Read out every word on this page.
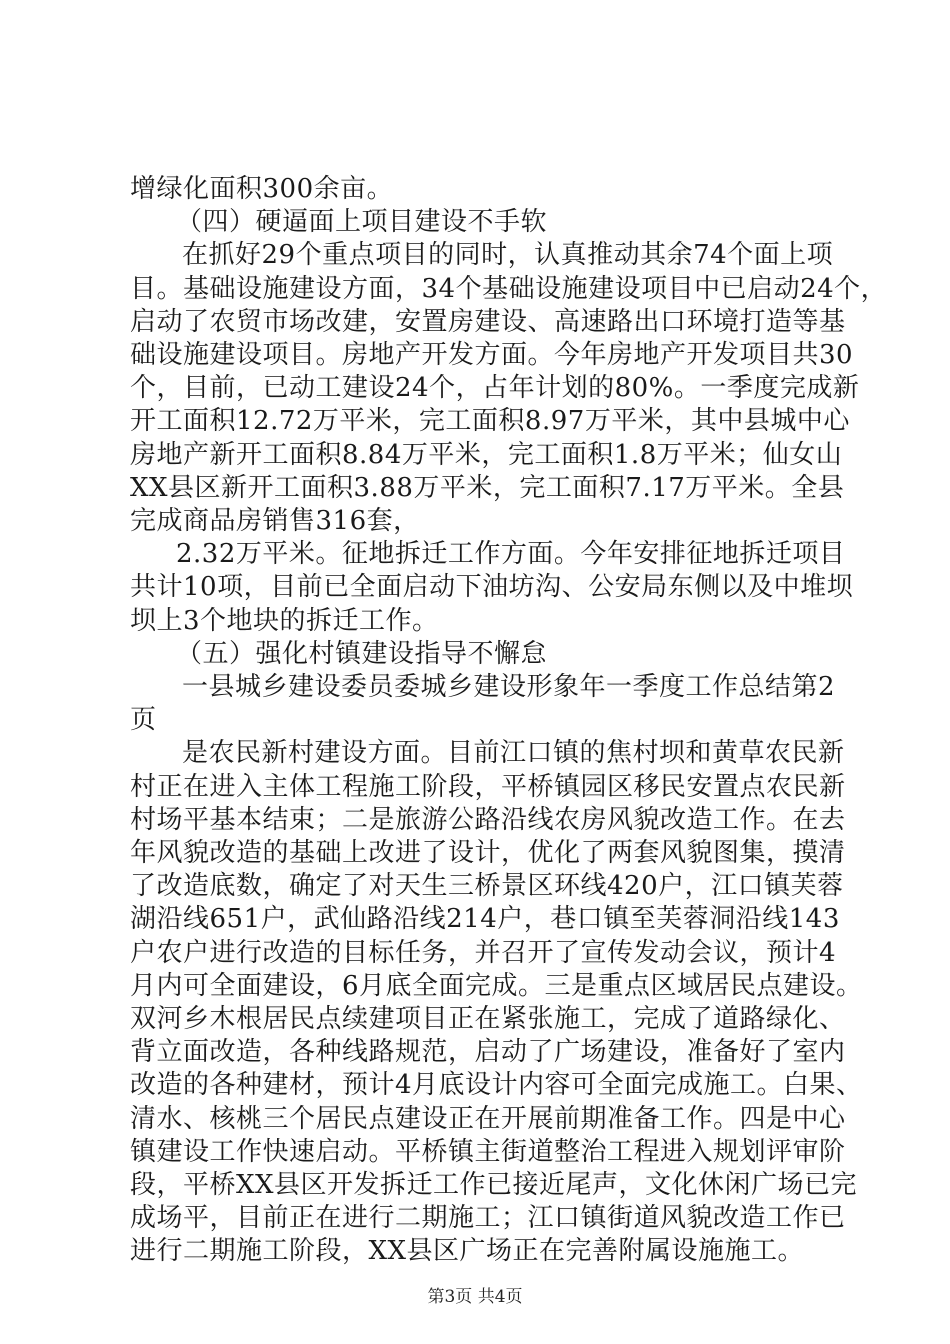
增绿化面积300余亩。
（四）硬逼面上项目建设不手软
在抓好29个重点项目的同时，认真推动其余74个面上项
目。基础设施建设方面，34个基础设施建设项目中已启动24个，
启动了农贸市场改建，安置房建设、高速路出口环境打造等基
础设施建设项目。房地产开发方面。今年房地产开发项目共30
个，目前，已动工建设24个，占年计划的80%。一季度完成新
开工面积12.72万平米，完工面积8.97万平米，其中县城中心
房地产新开工面积8.84万平米，完工面积1.8万平米；仙女山
XX县区新开工面积3.88万平米，完工面积7.17万平米。全县
完成商品房销售316套，
2.32万平米。征地拆迁工作方面。今年安排征地拆迁项目
共计10项，目前已全面启动下油坊沟、公安局东侧以及中堆坝
坝上3个地块的拆迁工作。
（五）强化村镇建设指导不懈怠
一县城乡建设委员委城乡建设形象年一季度工作总结第2
页
是农民新村建设方面。目前江口镇的焦村坝和黄草农民新
村正在进入主体工程施工阶段，平桥镇园区移民安置点农民新
村场平基本结束；二是旅游公路沿线农房风貌改造工作。在去
年风貌改造的基础上改进了设计，优化了两套风貌图集，摸清
了改造底数，确定了对天生三桥景区环线420户，江口镇芙蓉
湖沿线651户，武仙路沿线214户，巷口镇至芙蓉洞沿线143
户农户进行改造的目标任务，并召开了宣传发动会议，预计4
月内可全面建设，6月底全面完成。三是重点区域居民点建设。
双河乡木根居民点续建项目正在紧张施工，完成了道路绿化、
背立面改造，各种线路规范，启动了广场建设，准备好了室内
改造的各种建材，预计4月底设计内容可全面完成施工。白果、
清水、核桃三个居民点建设正在开展前期准备工作。四是中心
镇建设工作快速启动。平桥镇主街道整治工程进入规划评审阶
段，平桥XX县区开发拆迁工作已接近尾声，文化休闲广场已完
成场平，目前正在进行二期施工；江口镇街道风貌改造工作已
进行二期施工阶段，XX县区广场正在完善附属设施施工。
第3页 共4页
